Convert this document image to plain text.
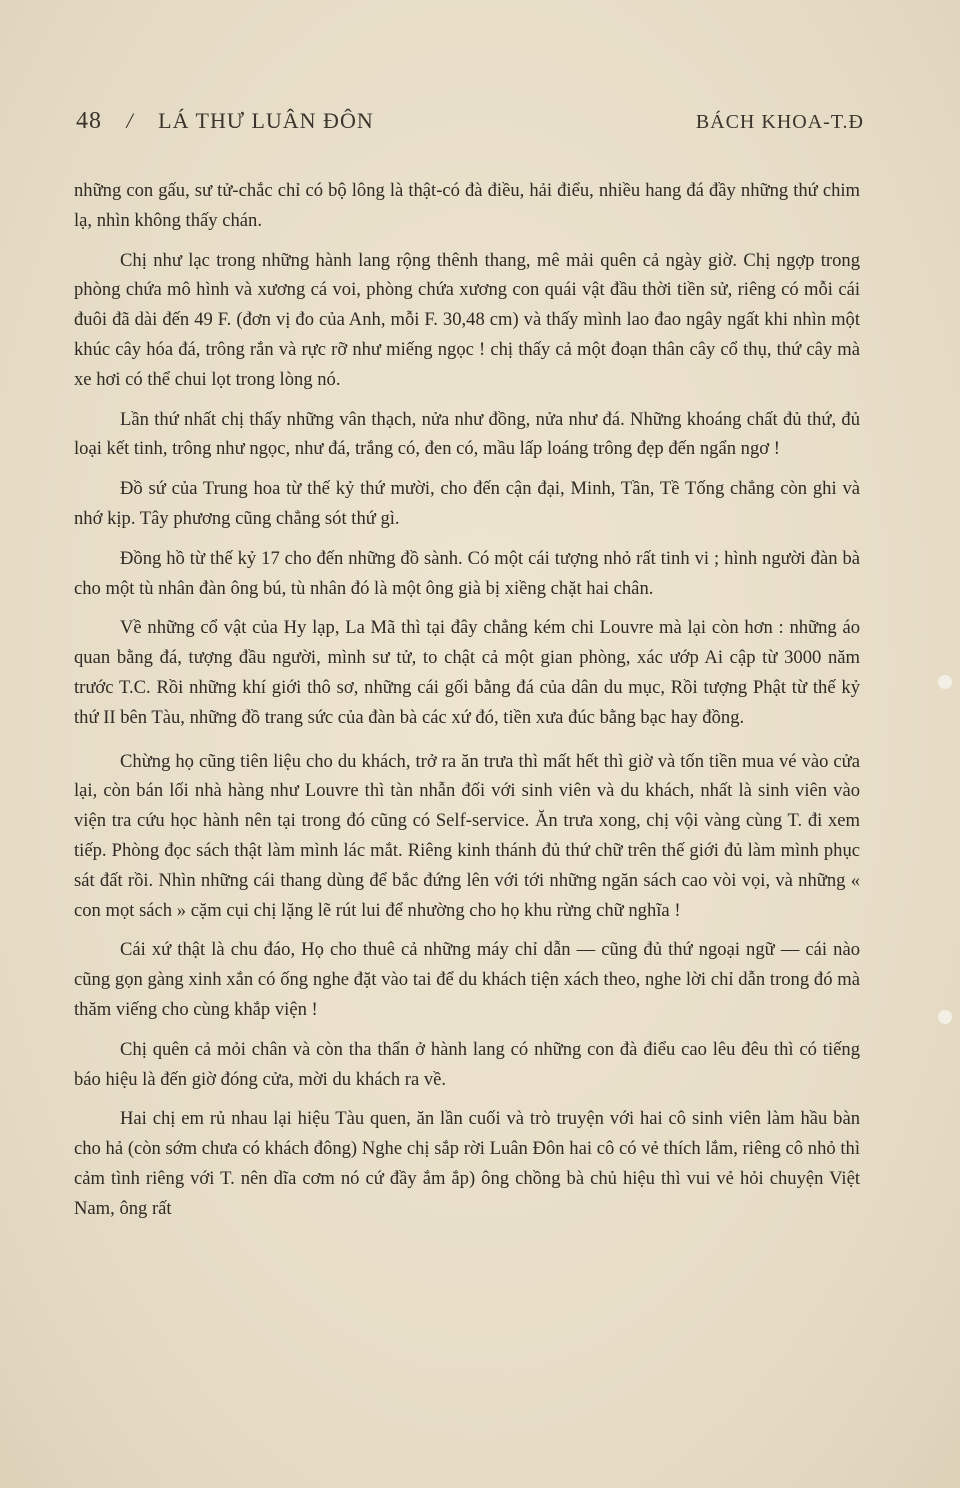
48 / LÁ THƯ LUÂN ĐÔN	BÁCH KHOA-T.Đ

những con gấu, sư tử-chắc chỉ có bộ lông là thật-có đà điều, hải điểu, nhiều hang đá đầy những thứ chim lạ, nhìn không thấy chán.

Chị như lạc trong những hành lang rộng thênh thang, mê mải quên cả ngày giờ. Chị ngợp trong phòng chứa mô hình và xương cá voi, phòng chứa xương con quái vật đầu thời tiền sử, riêng có mỗi cái đuôi đã dài đến 49 F. (đơn vị đo của Anh, mỗi F. 30,48 cm) và thấy mình lao đao ngây ngất khi nhìn một khúc cây hóa đá, trông rắn và rực rỡ như miếng ngọc ! chị thấy cả một đoạn thân cây cổ thụ, thứ cây mà xe hơi có thể chui lọt trong lòng nó.

Lần thứ nhất chị thấy những vân thạch, nửa như đồng, nửa như đá. Những khoáng chất đủ thứ, đủ loại kết tinh, trông như ngọc, như đá, trắng có, đen có, mầu lấp loáng trông đẹp đến ngẩn ngơ !

Đồ sứ của Trung hoa từ thế kỷ thứ mười, cho đến cận đại, Minh, Tần, Tề Tống chẳng còn ghi và nhớ kịp. Tây phương cũng chẳng sót thứ gì.

Đồng hồ từ thế kỷ 17 cho đến những đồ sành. Có một cái tượng nhỏ rất tinh vi ; hình người đàn bà cho một tù nhân đàn ông bú, tù nhân đó là một ông già bị xiềng chặt hai chân.

Về những cổ vật của Hy lạp, La Mã thì tại đây chẳng kém chi Louvre mà lại còn hơn : những áo quan bằng đá, tượng đầu người, mình sư tử, to chật cả một gian phòng, xác ướp Ai cập từ 3000 năm trước T.C. Rồi những khí giới thô sơ, những cái gối bằng đá của dân du mục, Rồi tượng Phật từ thế kỷ thứ II bên Tàu, những đồ trang sức của đàn bà các xứ đó, tiền xưa đúc bằng bạc hay đồng.

Chừng họ cũng tiên liệu cho du khách, trở ra ăn trưa thì mất hết thì giờ và tốn tiền mua vé vào cửa lại, còn bán lối nhà hàng như Louvre thì tàn nhẫn đối với sinh viên và du khách, nhất là sinh viên vào viện tra cứu học hành nên tại trong đó cũng có Self-service. Ăn trưa xong, chị vội vàng cùng T. đi xem tiếp. Phòng đọc sách thật làm mình lác mắt. Riêng kinh thánh đủ thứ chữ trên thế giới đủ làm mình phục sát đất rồi. Nhìn những cái thang dùng để bắc đứng lên với tới những ngăn sách cao vòi vọi, và những « con mọt sách » cặm cụi chị lặng lẽ rút lui để nhường cho họ khu rừng chữ nghĩa !

Cái xứ thật là chu đáo, Họ cho thuê cả những máy chỉ dẫn — cũng đủ thứ ngoại ngữ — cái nào cũng gọn gàng xinh xắn có ống nghe đặt vào tai để du khách tiện xách theo, nghe lời chỉ dẫn trong đó mà thăm viếng cho cùng khắp viện !

Chị quên cả mỏi chân và còn tha thẩn ở hành lang có những con đà điểu cao lêu đêu thì có tiếng báo hiệu là đến giờ đóng cửa, mời du khách ra về.

Hai chị em rủ nhau lại hiệu Tàu quen, ăn lần cuối và trò truyện với hai cô sinh viên làm hầu bàn cho hả (còn sớm chưa có khách đông) Nghe chị sắp rời Luân Đôn hai cô có vẻ thích lắm, riêng cô nhỏ thì cảm tình riêng với T. nên dĩa cơm nó cứ đầy ắm ắp) ông chồng bà chủ hiệu thì vui vẻ hỏi chuyện Việt Nam, ông rất
